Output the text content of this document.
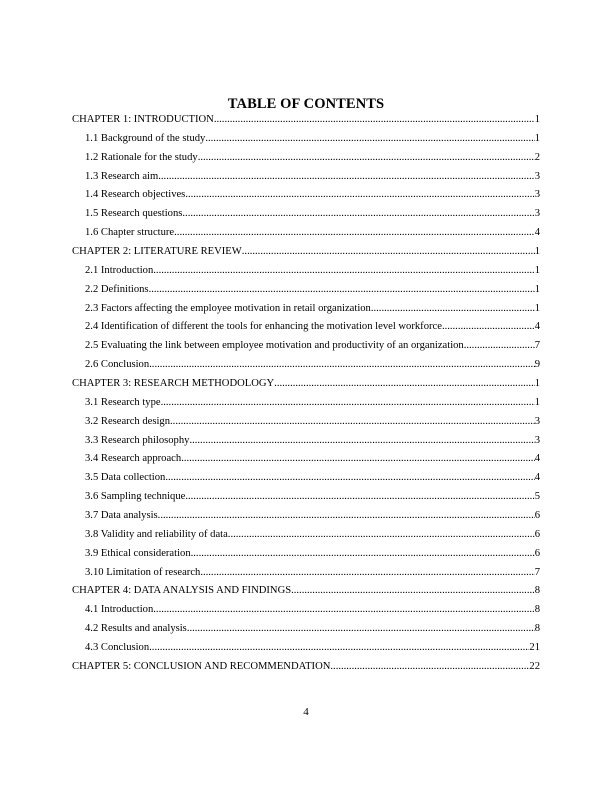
TABLE OF CONTENTS
CHAPTER 1: INTRODUCTION .....	1
1.1 Background of the study .....	1
1.2 Rationale for the study .....	2
1.3 Research aim .....	3
1.4 Research objectives .....	3
1.5 Research questions .....	3
1.6 Chapter structure .....	4
CHAPTER 2: LITERATURE REVIEW .....	1
2.1 Introduction .....	1
2.2 Definitions .....	1
2.3 Factors affecting the employee motivation in retail organization .....	1
2.4 Identification of different the tools for enhancing the motivation level workforce .....	4
2.5 Evaluating the link between employee motivation and productivity of an organization .....	7
2.6 Conclusion .....	9
CHAPTER 3: RESEARCH METHODOLOGY .....	1
3.1 Research type .....	1
3.2 Research design .....	3
3.3 Research philosophy .....	3
3.4 Research approach .....	4
3.5 Data collection .....	4
3.6 Sampling technique .....	5
3.7 Data analysis .....	6
3.8 Validity and reliability of data .....	6
3.9 Ethical consideration .....	6
3.10 Limitation of research .....	7
CHAPTER 4: DATA ANALYSIS AND FINDINGS .....	8
4.1 Introduction .....	8
4.2 Results and analysis .....	8
4.3 Conclusion .....	21
CHAPTER 5: CONCLUSION AND RECOMMENDATION .....	22
4
